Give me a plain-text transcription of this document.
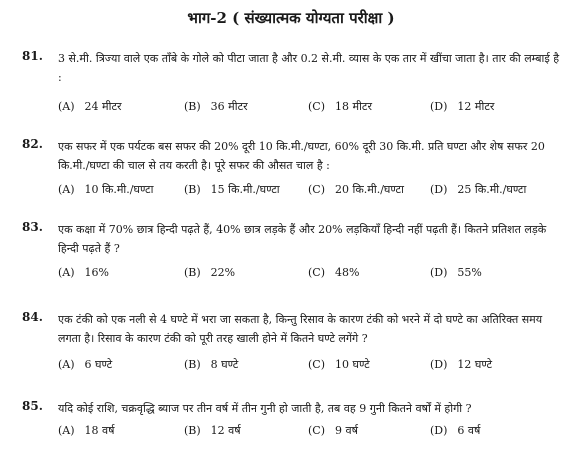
भाग-2 ( संख्यात्मक योग्यता परीक्षा )
81. 3 से.मी. त्रिज्या वाले एक ताँबे के गोले को पीटा जाता है और 0.2 से.मी. व्यास के एक तार में खींचा जाता है। तार की लम्बाई है :
(A) 24 मीटर	(B) 36 मीटर	(C) 18 मीटर	(D) 12 मीटर
82. एक सफर में एक पर्यटक बस सफर की 20% दूरी 10 कि.मी./घण्टा, 60% दूरी 30 कि.मी. प्रति घण्टा और शेष सफर 20 कि.मी./घण्टा की चाल से तय करती है। पूरे सफर की औसत चाल है :
(A) 10 कि.मी./घण्टा	(B) 15 कि.मी./घण्टा	(C) 20 कि.मी./घण्टा (D) 25 कि.मी./घण्टा
83. एक कक्षा में 70% छात्र हिन्दी पढ़ते हैं, 40% छात्र लड़के हैं और 20% लड़कियाँ हिन्दी नहीं पढ़ती हैं। कितने प्रतिशत लड़के हिन्दी पढ़ते हैं ?
(A) 16%	(B) 22%	(C) 48%	(D) 55%
84. एक टंकी को एक नली से 4 घण्टे में भरा जा सकता है, किन्तु रिसाव के कारण टंकी को भरने में दो घण्टे का अतिरिक्त समय लगता है। रिसाव के कारण टंकी को पूरी तरह खाली होने में कितने घण्टे लगेंगे ?
(A) 6 घण्टे	(B) 8 घण्टे	(C) 10 घण्टे	(D) 12 घण्टे
85. यदि कोई राशि, चक्रवृद्धि ब्याज पर तीन वर्ष में तीन गुनी हो जाती है, तब वह 9 गुनी कितने वर्षों में होगी ?
(A) 18 वर्ष	(B) 12 वर्ष	(C) 9 वर्ष	(D) 6 वर्ष
